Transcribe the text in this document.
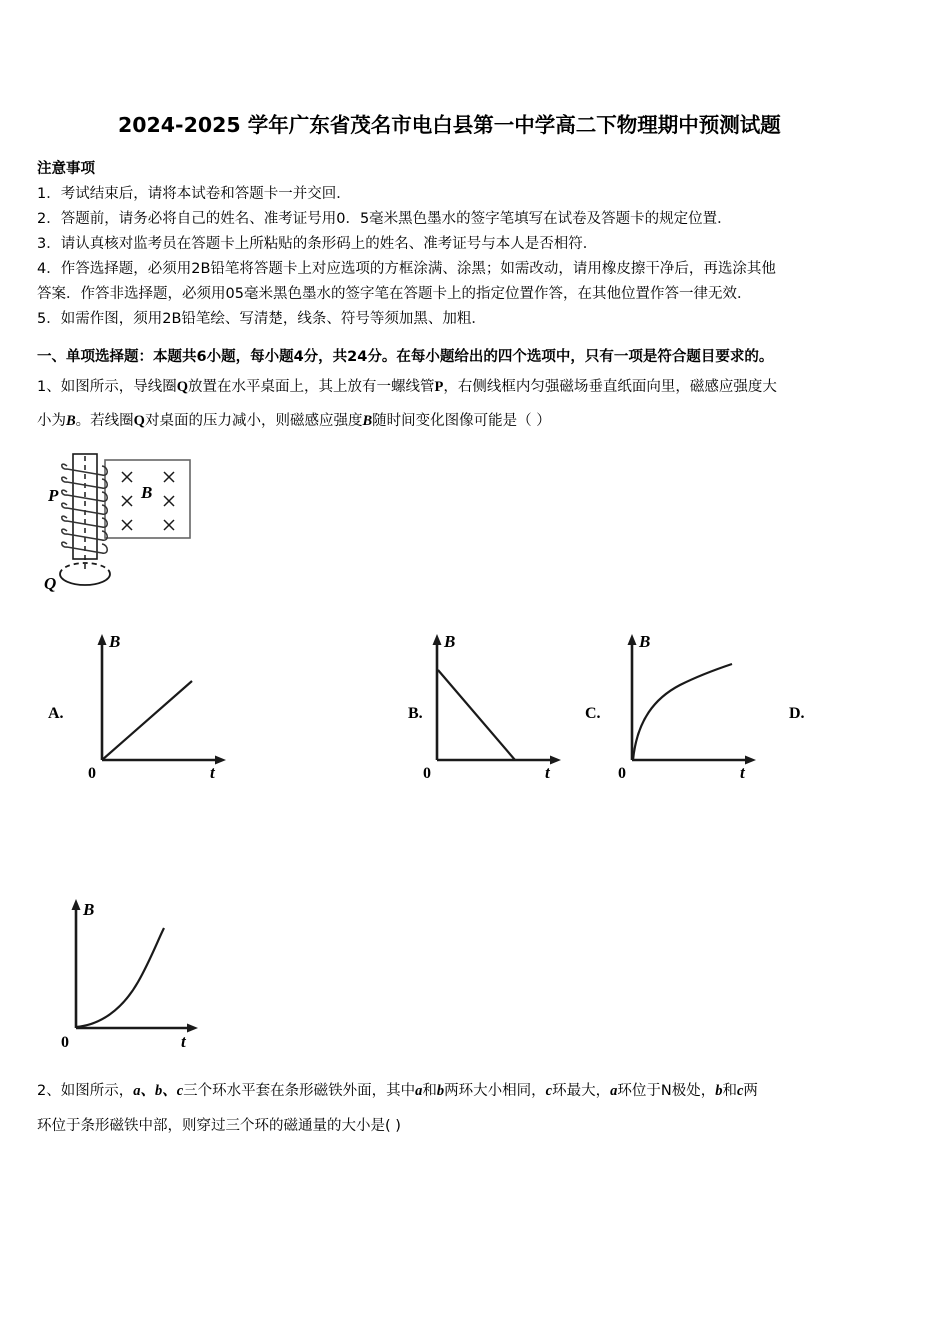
2024-2025 学年广东省茂名市电白县第一中学高二下物理期中预测试题
注意事项
1．考试结束后，请将本试卷和答题卡一并交回．
2．答题前，请务必将自己的姓名、准考证号用0．5毫米黑色墨水的签字笔填写在试卷及答题卡的规定位置．
3．请认真核对监考员在答题卡上所粘贴的条形码上的姓名、准考证号与本人是否相符．
4．作答选择题，必须用2B铅笔将答题卡上对应选项的方框涂满、涂黑；如需改动，请用橡皮擦干净后，再选涂其他
答案．作答非选择题，必须用05毫米黑色墨水的签字笔在答题卡上的指定位置作答，在其他位置作答一律无效．
5．如需作图，须用2B铅笔绘、写清楚，线条、符号等须加黑、加粗．
一、单项选择题：本题共6小题，每小题4分，共24分。在每小题给出的四个选项中，只有一项是符合题目要求的。
1、如图所示，导线圈Q放置在水平桌面上，其上放有一螺线管P，右侧线框内匀强磁场垂直纸面向里，磁感应强度大
小为B。若线圈Q对桌面的压力减小，则磁感应强度B随时间变化图像可能是（ ）
P
Q
B
A.
B
t
0
B.
B
t
0
C.
B
t
0
D.
B
t
0
2、如图所示，a、b、c三个环水平套在条形磁铁外面，其中a和b两环大小相同，c环最大，a环位于N极处，b和c两
环位于条形磁铁中部，则穿过三个环的磁通量的大小是( )
